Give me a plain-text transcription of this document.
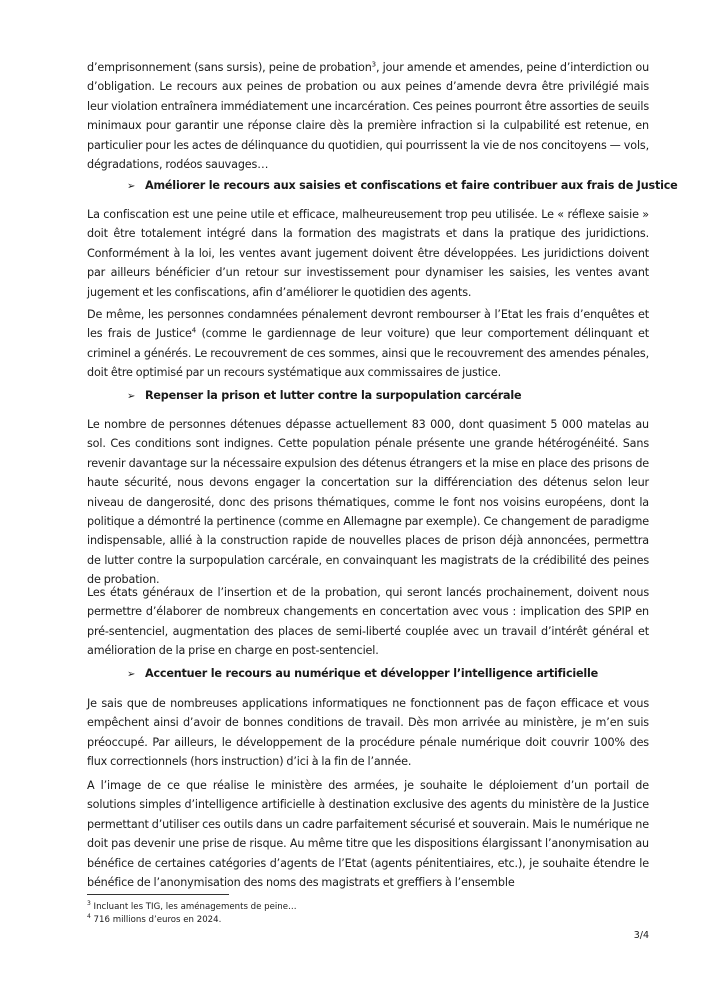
d’emprisonnement (sans sursis), peine de probation$^3$, jour amende et amendes, peine d’interdiction ou d’obligation. Le recours aux peines de probation ou aux peines d’amende devra être privilégié mais leur violation entraînera immédiatement une incarcération. Ces peines pourront être assorties de seuils minimaux pour garantir une réponse claire dès la première infraction si la culpabilité est retenue, en particulier pour les actes de délinquance du quotidien, qui pourrissent la vie de nos concitoyens — vols, dégradations, rodéos sauvages…

➢ Améliorer le recours aux saisies et confiscations et faire contribuer aux frais de Justice

La confiscation est une peine utile et efficace, malheureusement trop peu utilisée. Le « réflexe saisie » doit être totalement intégré dans la formation des magistrats et dans la pratique des juridictions. Conformément à la loi, les ventes avant jugement doivent être développées. Les juridictions doivent par ailleurs bénéficier d’un retour sur investissement pour dynamiser les saisies, les ventes avant jugement et les confiscations, afin d’améliorer le quotidien des agents.

De même, les personnes condamnées pénalement devront rembourser à l’Etat les frais d’enquêtes et les frais de Justice$^4$ (comme le gardiennage de leur voiture) que leur comportement délinquant et criminel a générés. Le recouvrement de ces sommes, ainsi que le recouvrement des amendes pénales, doit être optimisé par un recours systématique aux commissaires de justice.

➢ Repenser la prison et lutter contre la surpopulation carcérale

Le nombre de personnes détenues dépasse actuellement 83 000, dont quasiment 5 000 matelas au sol. Ces conditions sont indignes. Cette population pénale présente une grande hétérogénéité. Sans revenir davantage sur la nécessaire expulsion des détenus étrangers et la mise en place des prisons de haute sécurité, nous devons engager la concertation sur la différenciation des détenus selon leur niveau de dangerosité, donc des prisons thématiques, comme le font nos voisins européens, dont la politique a démontré la pertinence (comme en Allemagne par exemple). Ce changement de paradigme indispensable, allié à la construction rapide de nouvelles places de prison déjà annoncées, permettra de lutter contre la surpopulation carcérale, en convainquant les magistrats de la crédibilité des peines de probation.

Les états généraux de l’insertion et de la probation, qui seront lancés prochainement, doivent nous permettre d’élaborer de nombreux changements en concertation avec vous : implication des SPIP en pré-sentenciel, augmentation des places de semi-liberté couplée avec un travail d’intérêt général et amélioration de la prise en charge en post-sentenciel.

➢ Accentuer le recours au numérique et développer l’intelligence artificielle

Je sais que de nombreuses applications informatiques ne fonctionnent pas de façon efficace et vous empêchent ainsi d’avoir de bonnes conditions de travail. Dès mon arrivée au ministère, je m’en suis préoccupé. Par ailleurs, le développement de la procédure pénale numérique doit couvrir 100% des flux correctionnels (hors instruction) d’ici à la fin de l’année.

A l’image de ce que réalise le ministère des armées, je souhaite le déploiement d’un portail de solutions simples d’intelligence artificielle à destination exclusive des agents du ministère de la Justice permettant d’utiliser ces outils dans un cadre parfaitement sécurisé et souverain. Mais le numérique ne doit pas devenir une prise de risque. Au même titre que les dispositions élargissant l’anonymisation au bénéfice de certaines catégories d’agents de l’Etat (agents pénitentiaires, etc.), je souhaite étendre le bénéfice de l’anonymisation des noms des magistrats et greffiers à l’ensemble

$^3$ Incluant les TIG, les aménagements de peine…

$^4$ 716 millions d’euros en 2024.

3/4
